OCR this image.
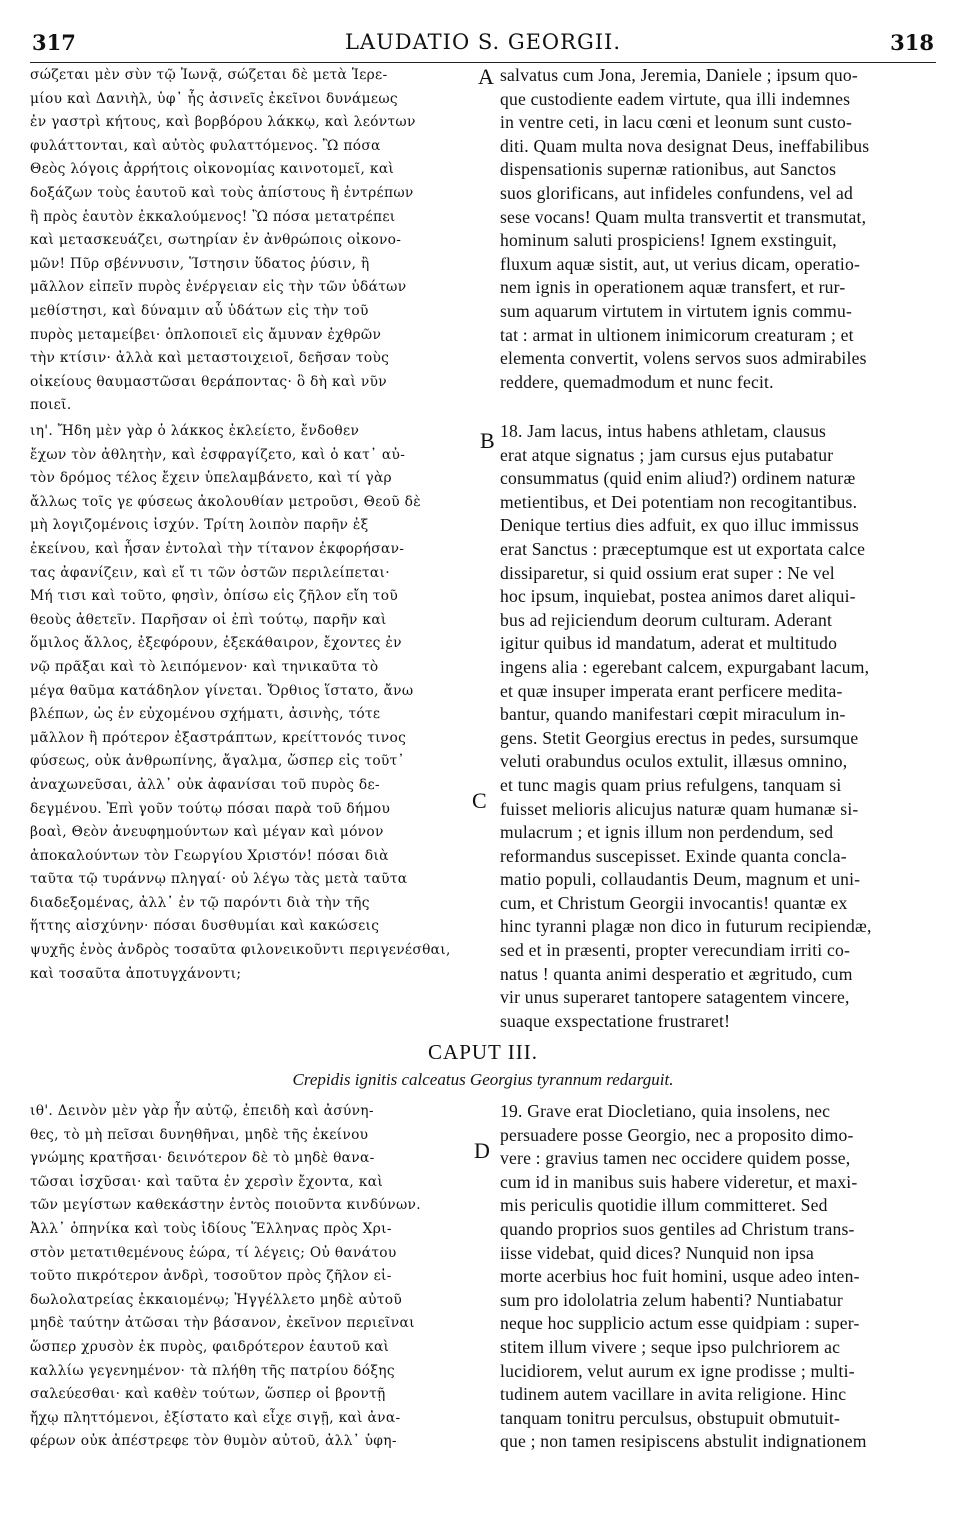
317	LAUDATIO S. GEORGII.	318
σώζεται μὲν σὺν τῷ Ἰωνᾷ, σώζεται δὲ μετὰ Ἱερε-
μίου καὶ Δανιὴλ, ὑφ᾽ ἧς ἀσινεῖς ἐκεῖνοι δυνάμεως
ἐν γαστρὶ κήτους, καὶ βορβόρου λάκκῳ, καὶ λεόντων
φυλάττονται, καὶ αὐτὸς φυλαττόμενος. Ὢ πόσα
Θεὸς λόγοις ἀρρήτοις οἰκονομίας καινοτομεῖ, καὶ
δοξάζων τοὺς ἑαυτοῦ καὶ τοὺς ἀπίστους ἢ ἐντρέπων
ἢ πρὸς ἑαυτὸν ἐκκαλούμενος! Ὢ πόσα μετατρέπει
καὶ μετασκευάζει, σωτηρίαν ἐν ἀνθρώποις οἰκονο-
μῶν! Πῦρ σβέννυσιν, Ἵστησιν ὕδατος ῥύσιν, ἢ
μᾶλλον εἰπεῖν πυρὸς ἐνέργειαν εἰς τὴν τῶν ὑδάτων
μεθίστησι, καὶ δύναμιν αὖ ὑδάτων εἰς τὴν τοῦ
πυρὸς μεταμείβει· ὁπλοποιεῖ εἰς ἄμυναν ἐχθρῶν
τὴν κτίσιν· ἀλλὰ καὶ μεταστοιχειοῖ, δεῆσαν τοὺς
οἰκείους θαυμαστῶσαι θεράποντας· ὃ δὴ καὶ νῦν
ποιεῖ.
A salvatus cum Jona, Jeremia, Daniele ; ipsum quo-
que custodiente eadem virtute, qua illi indemnes
in ventre ceti, in lacu cœni et leonum sunt custo-
diti. Quam multa nova designat Deus, ineffabilibus
dispensationis supernæ rationibus, aut Sanctos
suos glorificans, aut infideles confundens, vel ad
sese vocans! Quam multa transvertit et transmutat,
hominum saluti prospiciens! Ignem exstinguit,
fluxum aquæ sistit, aut, ut verius dicam, operatio-
nem ignis in operationem aquæ transfert, et rur-
sum aquarum virtutem in virtutem ignis commu-
tat : armat in ultionem inimicorum creaturam ; et
elementa convertit, volens servos suos admirabiles
reddere, quemadmodum et nunc fecit.
ιη'. Ἤδη μὲν γὰρ ὁ λάκκος ἐκλείετο, ἔνδοθεν
ἔχων τὸν ἀθλητὴν, καὶ ἐσφραγίζετο, καὶ ὁ κατ᾽ αὐ-
τὸν δρόμος τέλος ἔχειν ὑπελαμβάνετο, καὶ τί γὰρ
ἄλλως τοῖς γε φύσεως ἀκολουθίαν μετροῦσι, Θεοῦ δὲ
μὴ λογιζομένοις ἰσχύν. Τρίτη λοιπὸν παρῆν ἐξ
ἐκείνου, καὶ ἦσαν ἐντολαὶ τὴν τίτανον ἐκφορήσαν-
τας ἀφανίζειν, καὶ εἴ τι τῶν ὀστῶν περιλείπεται·
Μή τισι καὶ τοῦτο, φησὶν, ὀπίσω εἰς ζῆλον εἴη τοῦ
θεοὺς ἀθετεῖν. Παρῆσαν οἱ ἐπὶ τούτῳ, παρῆν καὶ
ὅμιλος ἄλλος, ἐξεφόρουν, ἐξεκάθαιρον, ἔχοντες ἐν
νῷ πρᾶξαι καὶ τὸ λειπόμενον· καὶ τηνικαῦτα τὸ
μέγα θαῦμα κατάδηλον γίνεται. Ὄρθιος ἵστατο, ἄνω
βλέπων, ὡς ἐν εὐχομένου σχήματι, ἀσινὴς, τότε
μᾶλλον ἢ πρότερον ἐξαστράπτων, κρείττονός τινος
φύσεως, οὐκ ἀνθρωπίνης, ἄγαλμα, ὥσπερ εἰς τοῦτ᾽
ἀναχωνεῦσαι, ἀλλ᾽ οὐκ ἀφανίσαι τοῦ πυρὸς δε-
δεγμένου. Ἐπὶ γοῦν τούτῳ πόσαι παρὰ τοῦ δήμου
βοαὶ, Θεὸν ἀνευφημούντων καὶ μέγαν καὶ μόνον
ἀποκαλούντων τὸν Γεωργίου Χριστόν! πόσαι διὰ
ταῦτα τῷ τυράννῳ πληγαί· οὐ λέγω τὰς μετὰ ταῦτα
διαδεξομένας, ἀλλ᾽ ἐν τῷ παρόντι διὰ τὴν τῆς
ἥττης αἰσχύνην· πόσαι δυσθυμίαι καὶ κακώσεις
ψυχῆς ἑνὸς ἀνδρὸς τοσαῦτα φιλονεικοῦντι περιγενέσθαι,
καὶ τοσαῦτα ἀποτυγχάνοντι;
B 18. Jam lacus, intus habens athletam, clausus
erat atque signatus ; jam cursus ejus putabatur
consummatus (quid enim aliud?) ordinem naturæ
metientibus, et Dei potentiam non recogitantibus.
Denique tertius dies adfuit, ex quo illuc immissus
erat Sanctus : præceptumque est ut exportata calce
dissiparetur, si quid ossium erat super : Ne vel
hoc ipsum, inquiebat, postea animos daret aliqui-
bus ad rejiciendum deorum culturam. Aderant
igitur quibus id mandatum, aderat et multitudo
ingens alia : egerebant calcem, expurgabant lacum,
et quæ insuper imperata erant perficere medita-
bantur, quando manifestari cœpit miraculum in-
gens. Stetit Georgius erectus in pedes, sursumque
veluti orabundus oculos extulit, illæsus omnino,
et tunc magis quam prius refulgens, tanquam si
fuisset melioris alicujus naturæ quam humanæ si-
mulacrum ; et ignis illum non perdendum, sed
reformandus suscepisset. Exinde quanta concla-
matio populi, collaudantis Deum, magnum et uni-
cum, et Christum Georgii invocantis! quantæ ex
hinc tyranni plagæ non dico in futurum recipiendæ,
sed et in præsenti, propter verecundiam irriti co-
natus ! quanta animi desperatio et ægritudo, cum
vir unus superaret tantopere satagentem vincere,
suaque exspectatione frustraret!
C
CAPUT III.
Crepidis ignitis calceatus Georgius tyrannum redarguit.
ιθ'. Δεινὸν μὲν γὰρ ἦν αὐτῷ, ἐπειδὴ καὶ ἀσύνη-
θες, τὸ μὴ πεῖσαι δυνηθῆναι, μηδὲ τῆς ἐκείνου
γνώμης κρατῆσαι· δεινότερον δὲ τὸ μηδὲ θανα-
τῶσαι ἰσχῦσαι· καὶ ταῦτα ἐν χερσὶν ἔχοντα, καὶ
τῶν μεγίστων καθεκάστην ἐντὸς ποιοῦντα κινδύνων.
Ἀλλ᾽ ὁπηνίκα καὶ τοὺς ἰδίους Ἕλληνας πρὸς Χρι-
στὸν μετατιθεμένους ἑώρα, τί λέγεις; Οὐ θανάτου
τοῦτο πικρότερον ἀνδρὶ, τοσοῦτον πρὸς ζῆλον εἰ-
δωλολατρείας ἐκκαιομένῳ; Ἠγγέλλετο μηδὲ αὐτοῦ
μηδὲ ταύτην ἀτῶσαι τὴν βάσανον, ἐκεῖνον περιεῖναι
ὥσπερ χρυσὸν ἐκ πυρὸς, φαιδρότερον ἑαυτοῦ καὶ
καλλίω γεγενημένον· τὰ πλήθη τῆς πατρίου δόξης
σαλεύεσθαι· καὶ καθὲν τούτων, ὥσπερ οἱ βροντῇ
ἤχῳ πληττόμενοι, ἐξίστατο καὶ εἶχε σιγῇ, καὶ ἀνα-
φέρων οὐκ ἀπέστρεφε τὸν θυμὸν αὐτοῦ, ἀλλ᾽ ὑφη-
D
19. Grave erat Diocletiano, quia insolens, nec
persuadere posse Georgio, nec a proposito dimo-
vere : gravius tamen nec occidere quidem posse,
cum id in manibus suis habere videretur, et maxi-
mis periculis quotidie illum committeret. Sed
quando proprios suos gentiles ad Christum trans-
iisse videbat, quid dices? Nunquid non ipsa
morte acerbius hoc fuit homini, usque adeo inten-
sum pro idololatria zelum habenti? Nuntiabatur
neque hoc supplicio actum esse quidpiam : super-
stitem illum vivere ; seque ipso pulchriorem ac
lucidiorem, velut aurum ex igne prodisse ; multi-
tudinem autem vacillare in avita religione. Hinc
tanquam tonitru perculsus, obstupuit obmutuit-
que ; non tamen resipiscens abstulit indignationem
